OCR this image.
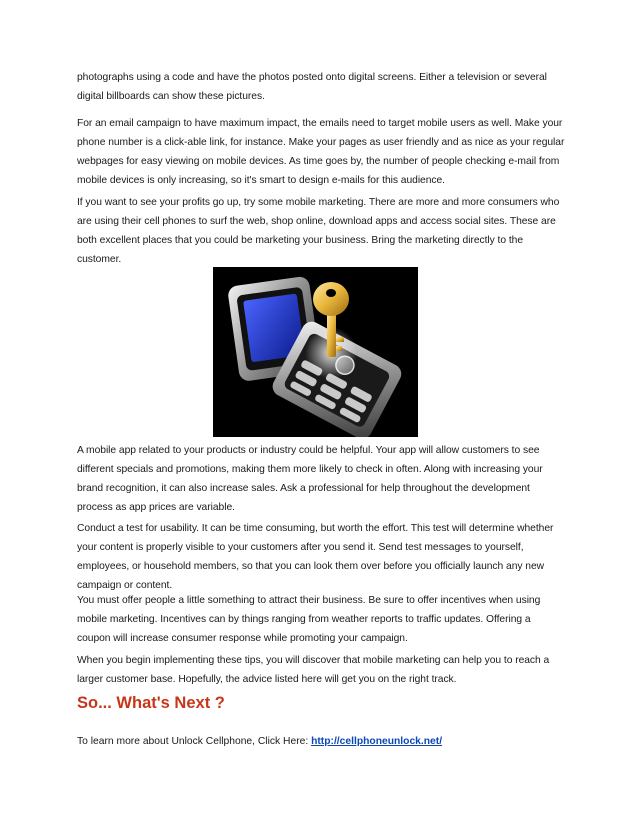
photographs using a code and have the photos posted onto digital screens. Either a television or several digital billboards can show these pictures.

For an email campaign to have maximum impact, the emails need to target mobile users as well. Make your phone number is a click-able link, for instance. Make your pages as user friendly and as nice as your regular webpages for easy viewing on mobile devices. As time goes by, the number of people checking e-mail from mobile devices is only increasing, so it's smart to design e-mails for this audience.

If you want to see your profits go up, try some mobile marketing. There are more and more consumers who are using their cell phones to surf the web, shop online, download apps and access social sites. These are both excellent places that you could be marketing your business. Bring the marketing directly to the customer.

A mobile app related to your products or industry could be helpful. Your app will allow customers to see different specials and promotions, making them more likely to check in often. Along with increasing your brand recognition, it can also increase sales. Ask a professional for help throughout the development process as app prices are variable.

Conduct a test for usability. It can be time consuming, but worth the effort. This test will determine whether your content is properly visible to your customers after you send it. Send test messages to yourself, employees, or household members, so that you can look them over before you officially launch any new campaign or content.

You must offer people a little something to attract their business. Be sure to offer incentives when using mobile marketing. Incentives can by things ranging from weather reports to traffic updates. Offering a coupon will increase consumer response while promoting your campaign.

When you begin implementing these tips, you will discover that mobile marketing can help you to reach a larger customer base. Hopefully, the advice listed here will get you on the right track.

So... What's Next ?

To learn more about Unlock Cellphone, Click Here: http://cellphoneunlock.net/
